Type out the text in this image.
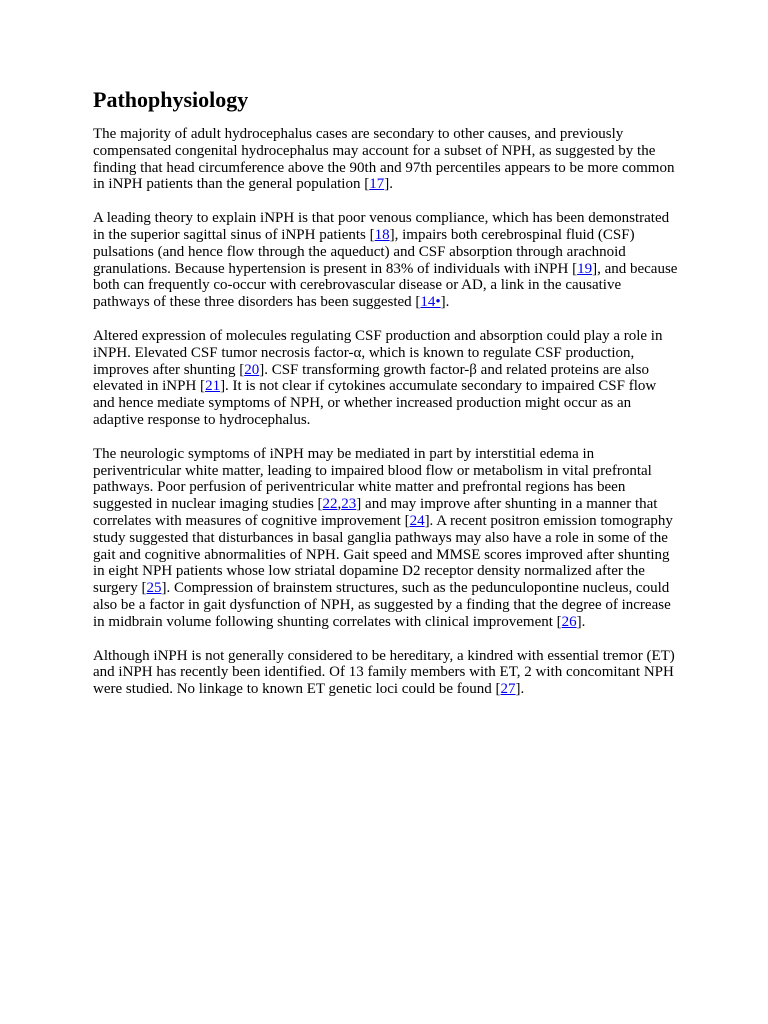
Pathophysiology

The majority of adult hydrocephalus cases are secondary to other causes, and previously compensated congenital hydrocephalus may account for a subset of NPH, as suggested by the finding that head circumference above the 90th and 97th percentiles appears to be more common in iNPH patients than the general population [17].

A leading theory to explain iNPH is that poor venous compliance, which has been demonstrated in the superior sagittal sinus of iNPH patients [18], impairs both cerebrospinal fluid (CSF) pulsations (and hence flow through the aqueduct) and CSF absorption through arachnoid granulations. Because hypertension is present in 83% of individuals with iNPH [19], and because both can frequently co-occur with cerebrovascular disease or AD, a link in the causative pathways of these three disorders has been suggested [14•].

Altered expression of molecules regulating CSF production and absorption could play a role in iNPH. Elevated CSF tumor necrosis factor-α, which is known to regulate CSF production, improves after shunting [20]. CSF transforming growth factor-β and related proteins are also elevated in iNPH [21]. It is not clear if cytokines accumulate secondary to impaired CSF flow and hence mediate symptoms of NPH, or whether increased production might occur as an adaptive response to hydrocephalus.

The neurologic symptoms of iNPH may be mediated in part by interstitial edema in periventricular white matter, leading to impaired blood flow or metabolism in vital prefrontal pathways. Poor perfusion of periventricular white matter and prefrontal regions has been suggested in nuclear imaging studies [22,23] and may improve after shunting in a manner that correlates with measures of cognitive improvement [24]. A recent positron emission tomography study suggested that disturbances in basal ganglia pathways may also have a role in some of the gait and cognitive abnormalities of NPH. Gait speed and MMSE scores improved after shunting in eight NPH patients whose low striatal dopamine D2 receptor density normalized after the surgery [25]. Compression of brainstem structures, such as the pedunculopontine nucleus, could also be a factor in gait dysfunction of NPH, as suggested by a finding that the degree of increase in midbrain volume following shunting correlates with clinical improvement [26].

Although iNPH is not generally considered to be hereditary, a kindred with essential tremor (ET) and iNPH has recently been identified. Of 13 family members with ET, 2 with concomitant NPH were studied. No linkage to known ET genetic loci could be found [27].
